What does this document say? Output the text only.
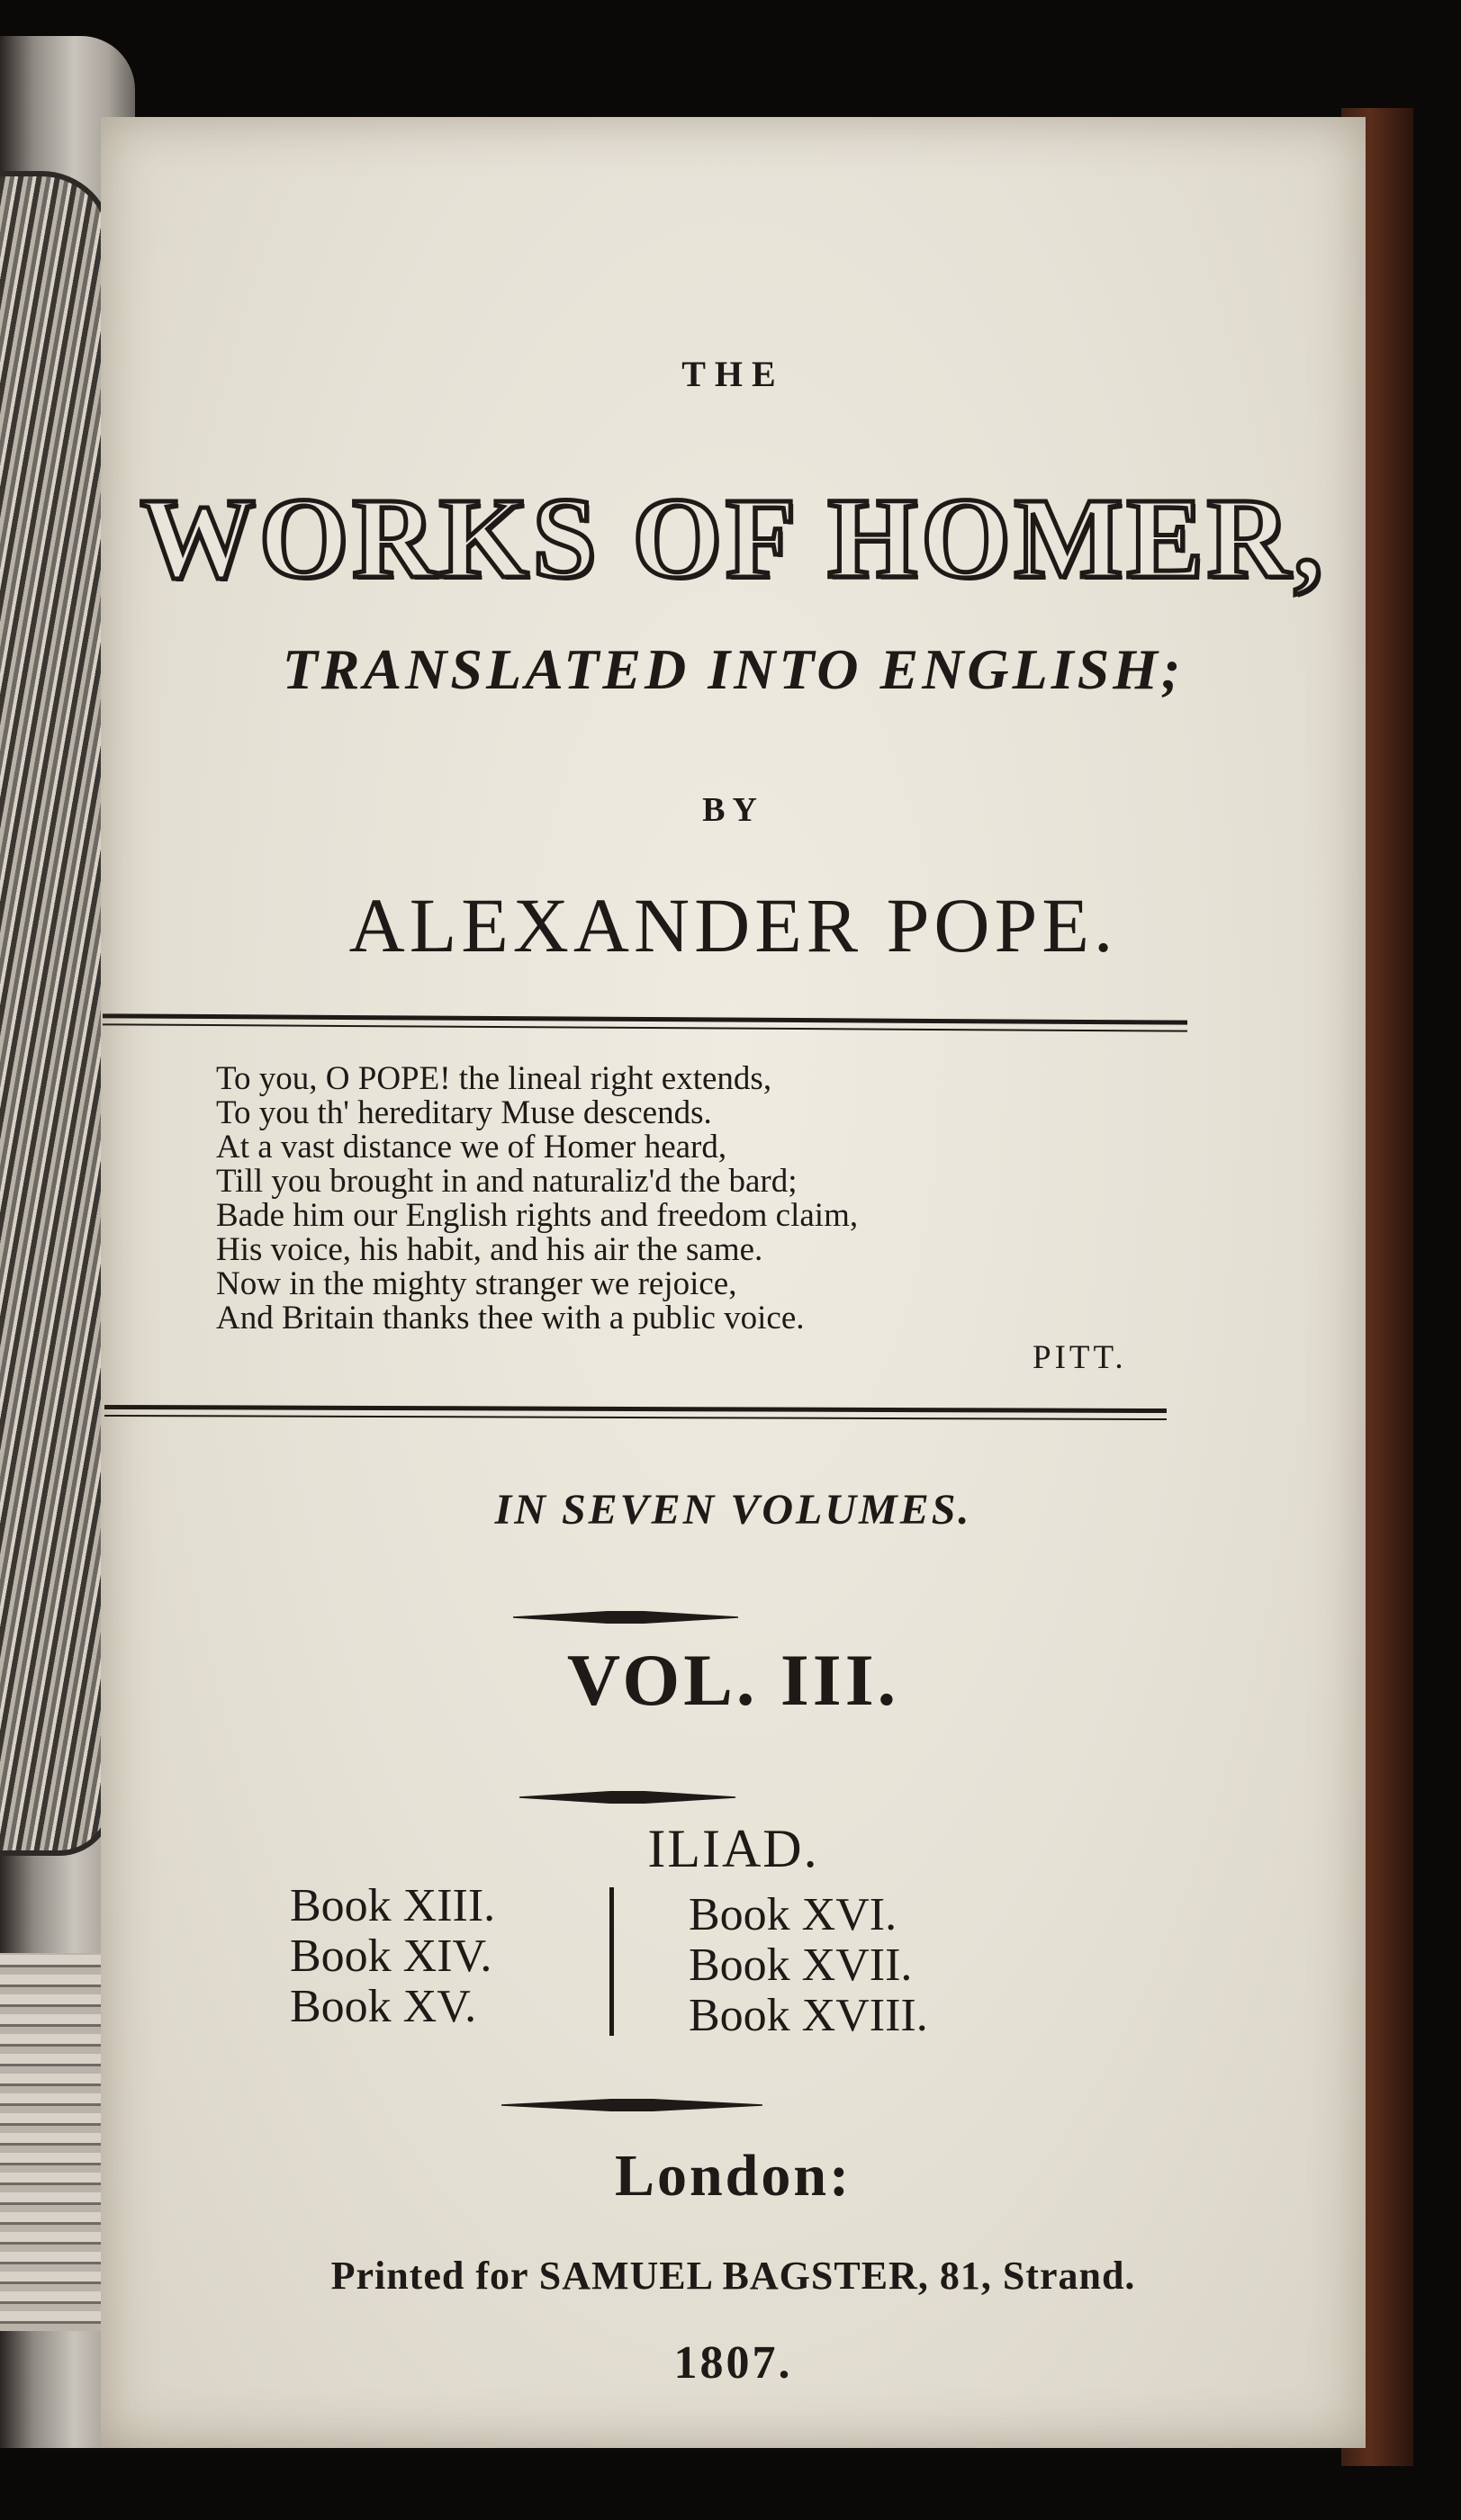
THE
WORKS OF HOMER,
TRANSLATED INTO ENGLISH;
BY
ALEXANDER POPE.
To you, O POPE! the lineal right extends,
To you th' hereditary Muse descends.
At a vast distance we of Homer heard,
Till you brought in and naturaliz'd the bard;
Bade him our English rights and freedom claim,
His voice, his habit, and his air the same.
Now in the mighty stranger we rejoice,
And Britain thanks thee with a public voice.
PITT.
IN SEVEN VOLUMES.
VOL. III.
ILIAD.
Book XIII.
Book XIV.
Book XV.
Book XVI.
Book XVII.
Book XVIII.
London:
Printed for SAMUEL BAGSTER, 81, Strand.
1807.
